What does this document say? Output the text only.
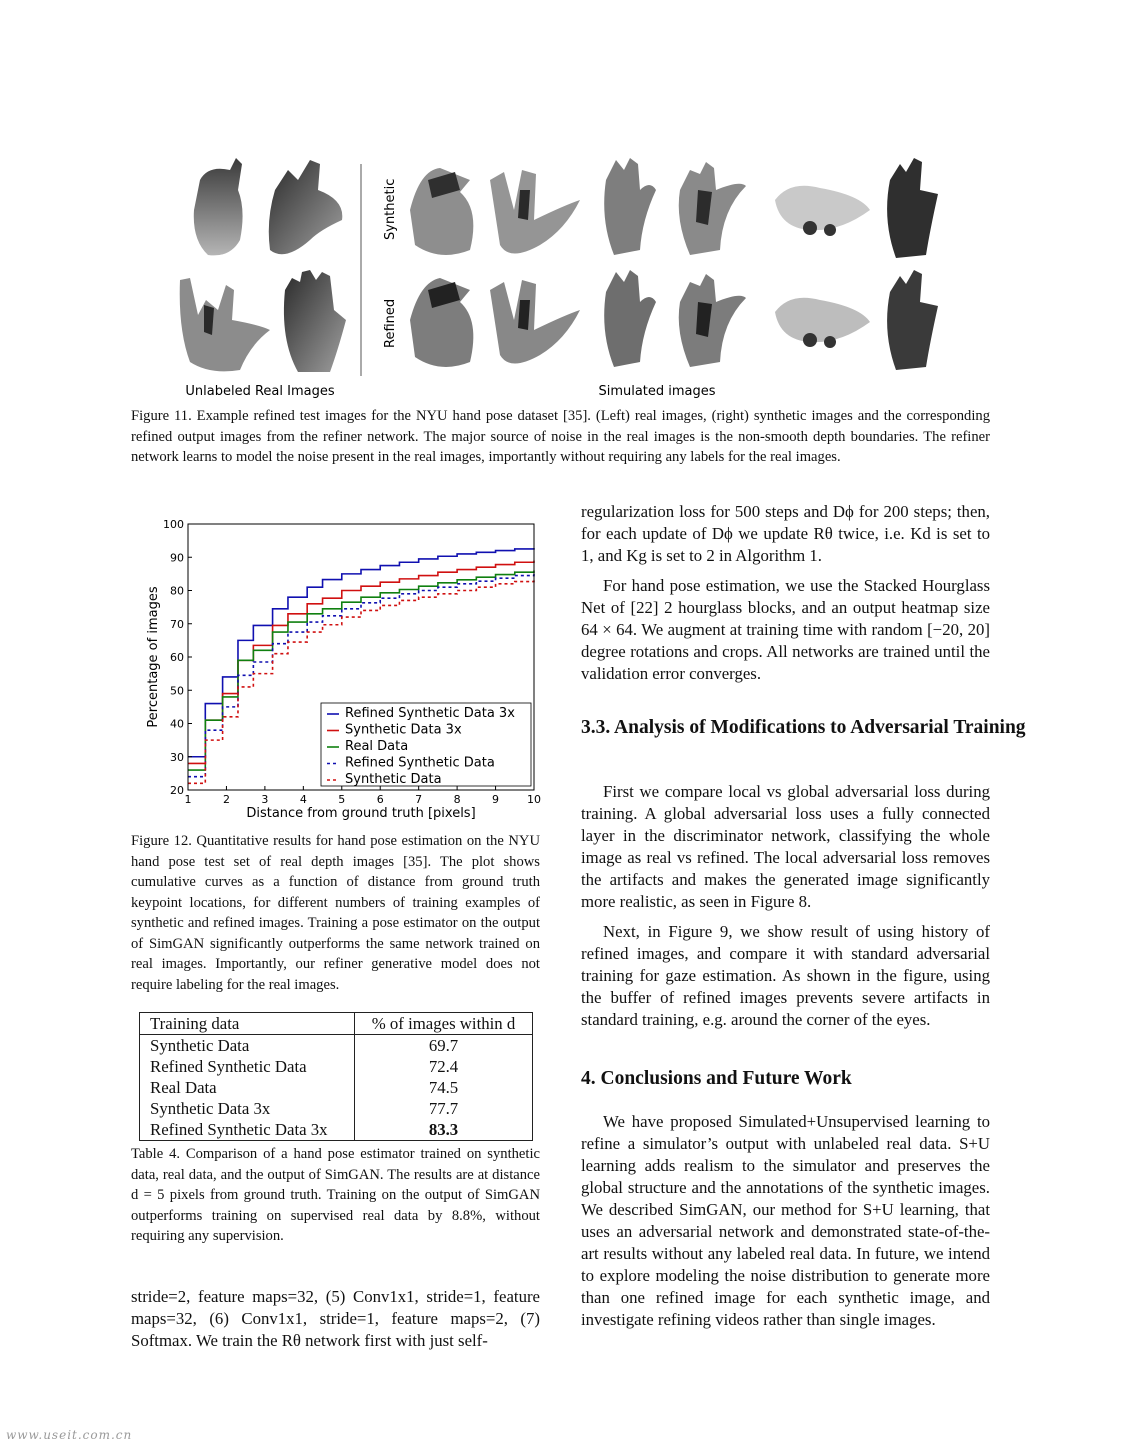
Synthetic
Refined
Unlabeled Real Images	Simulated images
Figure 11. Example refined test images for the NYU hand pose dataset [35]. (Left) real images, (right) synthetic images and the corresponding refined output images from the refiner network. The major source of noise in the real images is the non-smooth depth boundaries. The refiner network learns to model the noise present in the real images, importantly without requiring any labels for the real images.
1	2	3	4	5	6	7	8	9	10
20
30
40
50
60
70
80
90
100
Distance from ground truth [pixels]
Percentage of images	Refined Synthetic Data 3x
Synthetic Data 3x
Real Data
Refined Synthetic Data
Synthetic Data
Figure 12. Quantitative results for hand pose estimation on the NYU hand pose test set of real depth images [35]. The plot shows cumulative curves as a function of distance from ground truth keypoint locations, for different numbers of training examples of synthetic and refined images. Training a pose estimator on the output of SimGAN significantly outperforms the same network trained on real images. Importantly, our refiner generative model does not require labeling for the real images.
Training data	% of images within d
Synthetic Data	69.7
Refined Synthetic Data	72.4
Real Data	74.5
Synthetic Data 3x	77.7
Refined Synthetic Data 3x	83.3
Table 4. Comparison of a hand pose estimator trained on synthetic data, real data, and the output of SimGAN. The results are at distance d = 5 pixels from ground truth. Training on the output of SimGAN outperforms training on supervised real data by 8.8%, without requiring any supervision.

stride=2, feature maps=32, (5) Conv1x1, stride=1, feature maps=32, (6) Conv1x1, stride=1, feature maps=2, (7) Softmax. We train the Rθ network first with just self-

regularization loss for 500 steps and Dϕ for 200 steps; then, for each update of Dϕ we update Rθ twice, i.e. Kd is set to 1, and Kg is set to 2 in Algorithm 1.

For hand pose estimation, we use the Stacked Hourglass Net of [22] 2 hourglass blocks, and an output heatmap size 64 × 64. We augment at training time with random [−20, 20] degree rotations and crops. All networks are trained until the validation error converges.

3.3. Analysis of Modifications to Adversarial Training

First we compare local vs global adversarial loss during training. A global adversarial loss uses a fully connected layer in the discriminator network, classifying the whole image as real vs refined. The local adversarial loss removes the artifacts and makes the generated image significantly more realistic, as seen in Figure 8.

Next, in Figure 9, we show result of using history of refined images, and compare it with standard adversarial training for gaze estimation. As shown in the figure, using the buffer of refined images prevents severe artifacts in standard training, e.g. around the corner of the eyes.

4. Conclusions and Future Work

We have proposed Simulated+Unsupervised learning to refine a simulator’s output with unlabeled real data. S+U learning adds realism to the simulator and preserves the global structure and the annotations of the synthetic images. We described SimGAN, our method for S+U learning, that uses an adversarial network and demonstrated state-of-the-art results without any labeled real data. In future, we intend to explore modeling the noise distribution to generate more than one refined image for each synthetic image, and investigate refining videos rather than single images.

www.useit.com.cn
